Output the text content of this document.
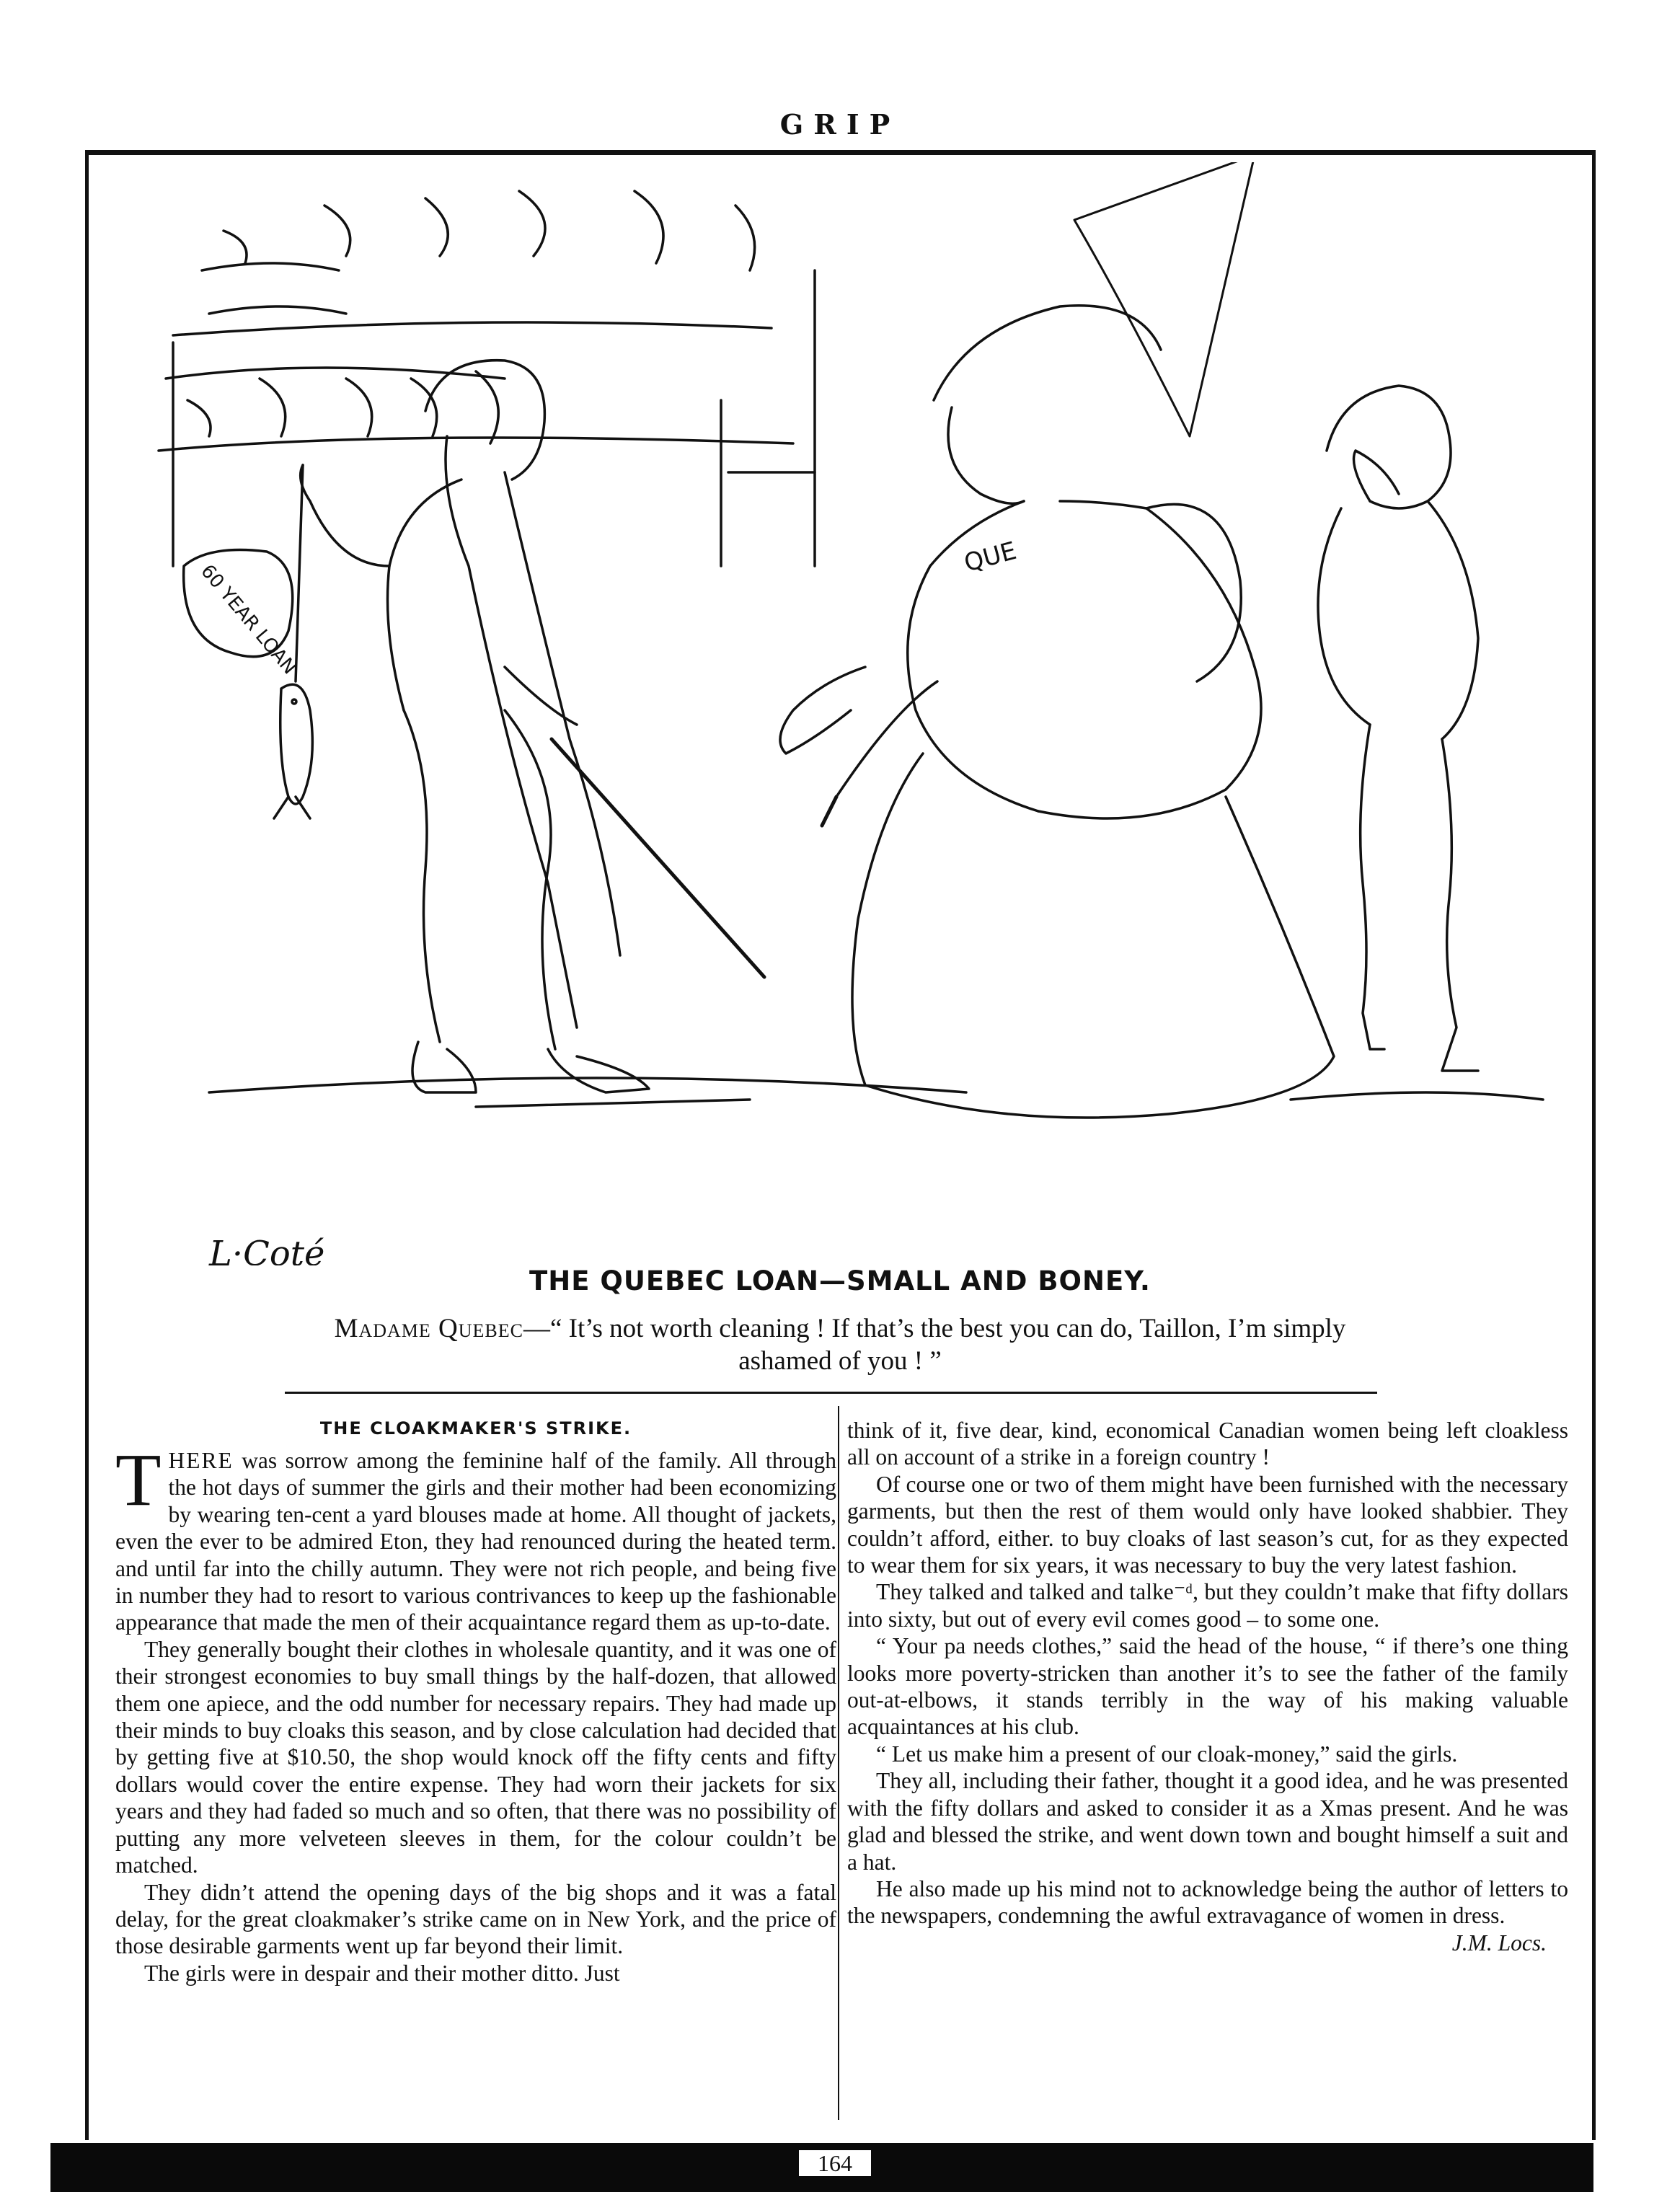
GRIP
60 YEAR LOAN
QUE
L·Coté
THE QUEBEC LOAN—SMALL AND BONEY.
Madame Quebec—“ It’s not worth cleaning ! If that’s the best you can do, Taillon, I’m simply
ashamed of you ! ”
THE CLOAKMAKER'S STRIKE.

THERE was sorrow among the feminine half of the family. All through the hot days of summer the girls and their mother had been economizing by wearing ten-cent a yard blouses made at home. All thought of jackets, even the ever to be admired Eton, they had renounced during the heated term. and until far into the chilly autumn. They were not rich people, and being five in number they had to resort to various contrivances to keep up the fashionable appearance that made the men of their acquaintance regard them as up-to-date.

They generally bought their clothes in wholesale quantity, and it was one of their strongest economies to buy small things by the half-dozen, that allowed them one apiece, and the odd number for necessary repairs. They had made up their minds to buy cloaks this season, and by close calculation had decided that by getting five at $10.50, the shop would knock off the fifty cents and fifty dollars would cover the entire expense. They had worn their jackets for six years and they had faded so much and so often, that there was no possibility of putting any more velveteen sleeves in them, for the colour couldn’t be matched.

They didn’t attend the opening days of the big shops and it was a fatal delay, for the great cloakmaker’s strike came on in New York, and the price of those desirable garments went up far beyond their limit.

The girls were in despair and their mother ditto. Just

think of it, five dear, kind, economical Canadian women being left cloakless all on account of a strike in a foreign country !

Of course one or two of them might have been furnished with the necessary garments, but then the rest of them would only have looked shabbier. They couldn’t afford, either. to buy cloaks of last season’s cut, for as they expected to wear them for six years, it was necessary to buy the very latest fashion.

They talked and talked and talke⁻ᵈ, but they couldn’t make that fifty dollars into sixty, but out of every evil comes good – to some one.

“ Your pa needs clothes,” said the head of the house, “ if there’s one thing looks more poverty-stricken than another it’s to see the father of the family out-at-elbows, it stands terribly in the way of his making valuable acquaintances at his club.

“ Let us make him a present of our cloak-money,” said the girls.

They all, including their father, thought it a good idea, and he was presented with the fifty dollars and asked to consider it as a Xmas present. And he was glad and blessed the strike, and went down town and bought himself a suit and a hat.

He also made up his mind not to acknowledge being the author of letters to the newspapers, condemning the awful extravagance of women in dress.
J.M. Locs.

164
